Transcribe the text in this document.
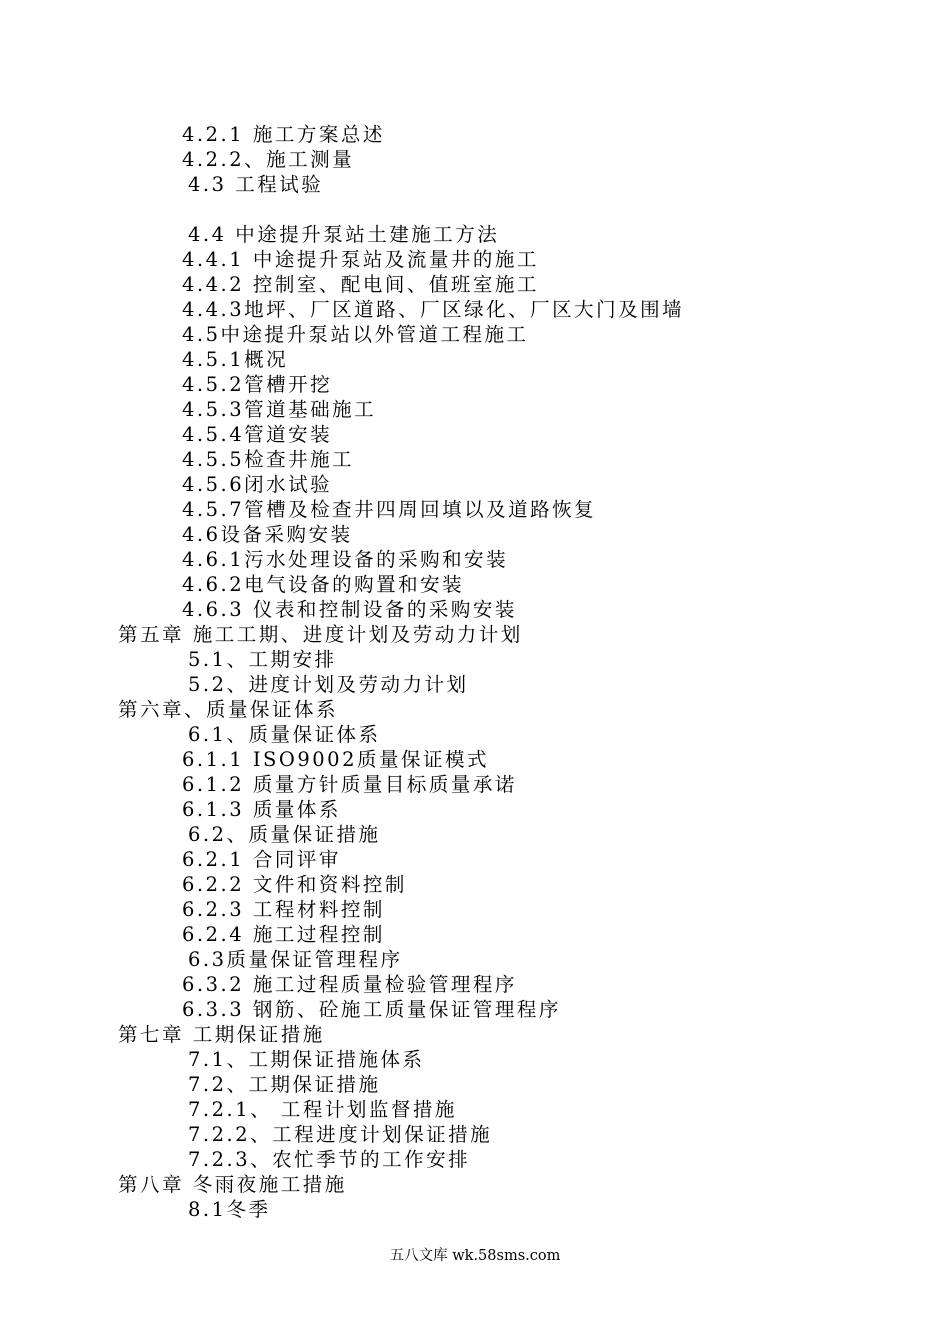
4.2.1 施工方案总述
4.2.2、施工测量
4.3 工程试验
4.4 中途提升泵站土建施工方法
4.4.1 中途提升泵站及流量井的施工
4.4.2 控制室、配电间、值班室施工
4.4.3地坪、厂区道路、厂区绿化、厂区大门及围墙
4.5中途提升泵站以外管道工程施工
4.5.1概况
4.5.2管槽开挖
4.5.3管道基础施工
4.5.4管道安装
4.5.5检查井施工
4.5.6闭水试验
4.5.7管槽及检查井四周回填以及道路恢复
4.6设备采购安装
4.6.1污水处理设备的采购和安装
4.6.2电气设备的购置和安装
4.6.3 仪表和控制设备的采购安装
第五章 施工工期、进度计划及劳动力计划
5.1、工期安排
5.2、进度计划及劳动力计划
第六章、质量保证体系
6.1、质量保证体系
6.1.1 ISO9002质量保证模式
6.1.2 质量方针质量目标质量承诺
6.1.3 质量体系
6.2、质量保证措施
6.2.1 合同评审
6.2.2 文件和资料控制
6.2.3 工程材料控制
6.2.4 施工过程控制
6.3质量保证管理程序
6.3.2 施工过程质量检验管理程序
6.3.3 钢筋、砼施工质量保证管理程序
第七章 工期保证措施
7.1、工期保证措施体系
7.2、工期保证措施
7.2.1、 工程计划监督措施
7.2.2、工程进度计划保证措施
7.2.3、农忙季节的工作安排
第八章 冬雨夜施工措施
8.1冬季
五八文库 wk.58sms.com
